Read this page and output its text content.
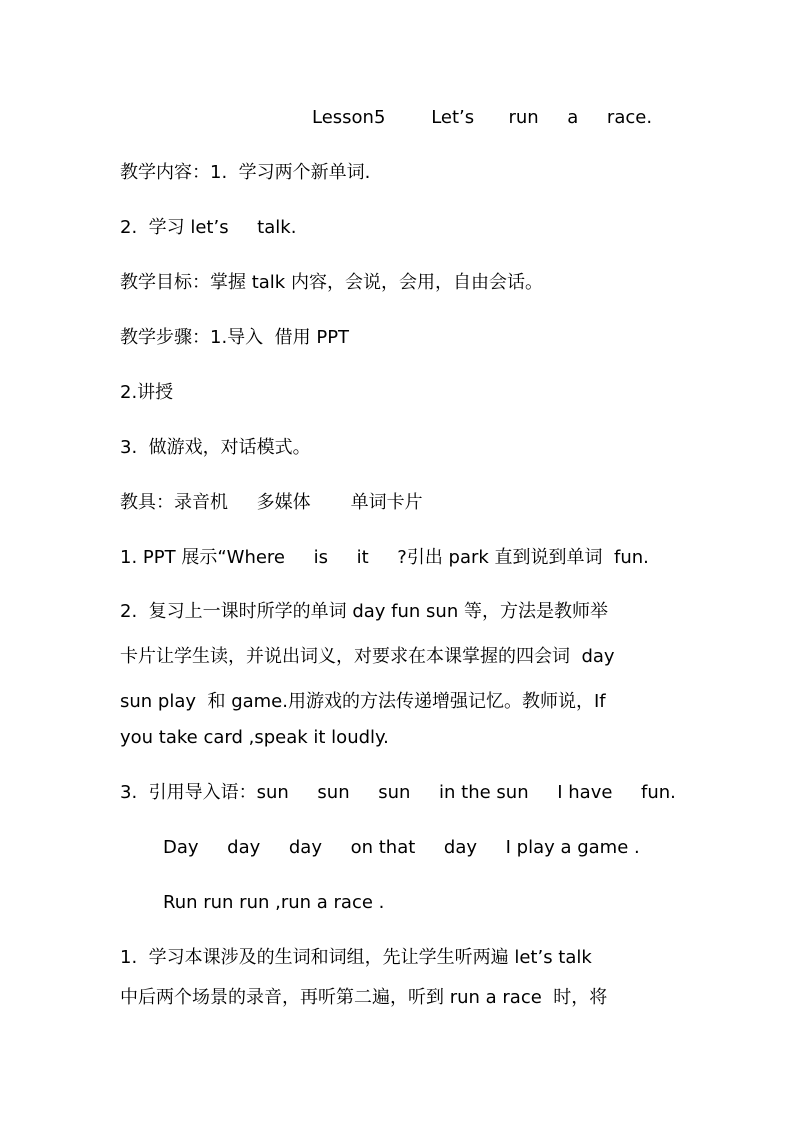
Lesson5        Let’s      run     a     race.
教学内容：1.  学习两个新单词.
2.  学习 let’s     talk.
教学目标：掌握 talk 内容，会说，会用，自由会话。
教学步骤：1.导入  借用 PPT
2.讲授
3.  做游戏，对话模式。
教具：录音机     多媒体       单词卡片
1. PPT 展示“Where     is     it     ?引出 park 直到说到单词  fun.
2.  复习上一课时所学的单词 day fun sun 等，方法是教师举
卡片让学生读，并说出词义，对要求在本课掌握的四会词  day
sun play  和 game.用游戏的方法传递增强记忆。教师说，If
you take card ,speak it loudly.
3.  引用导入语：sun     sun     sun     in the sun     I have     fun.
Day     day     day     on that     day     I play a game .
Run run run ,run a race .
1.  学习本课涉及的生词和词组，先让学生听两遍 let’s talk
中后两个场景的录音，再听第二遍，听到 run a race  时，将
